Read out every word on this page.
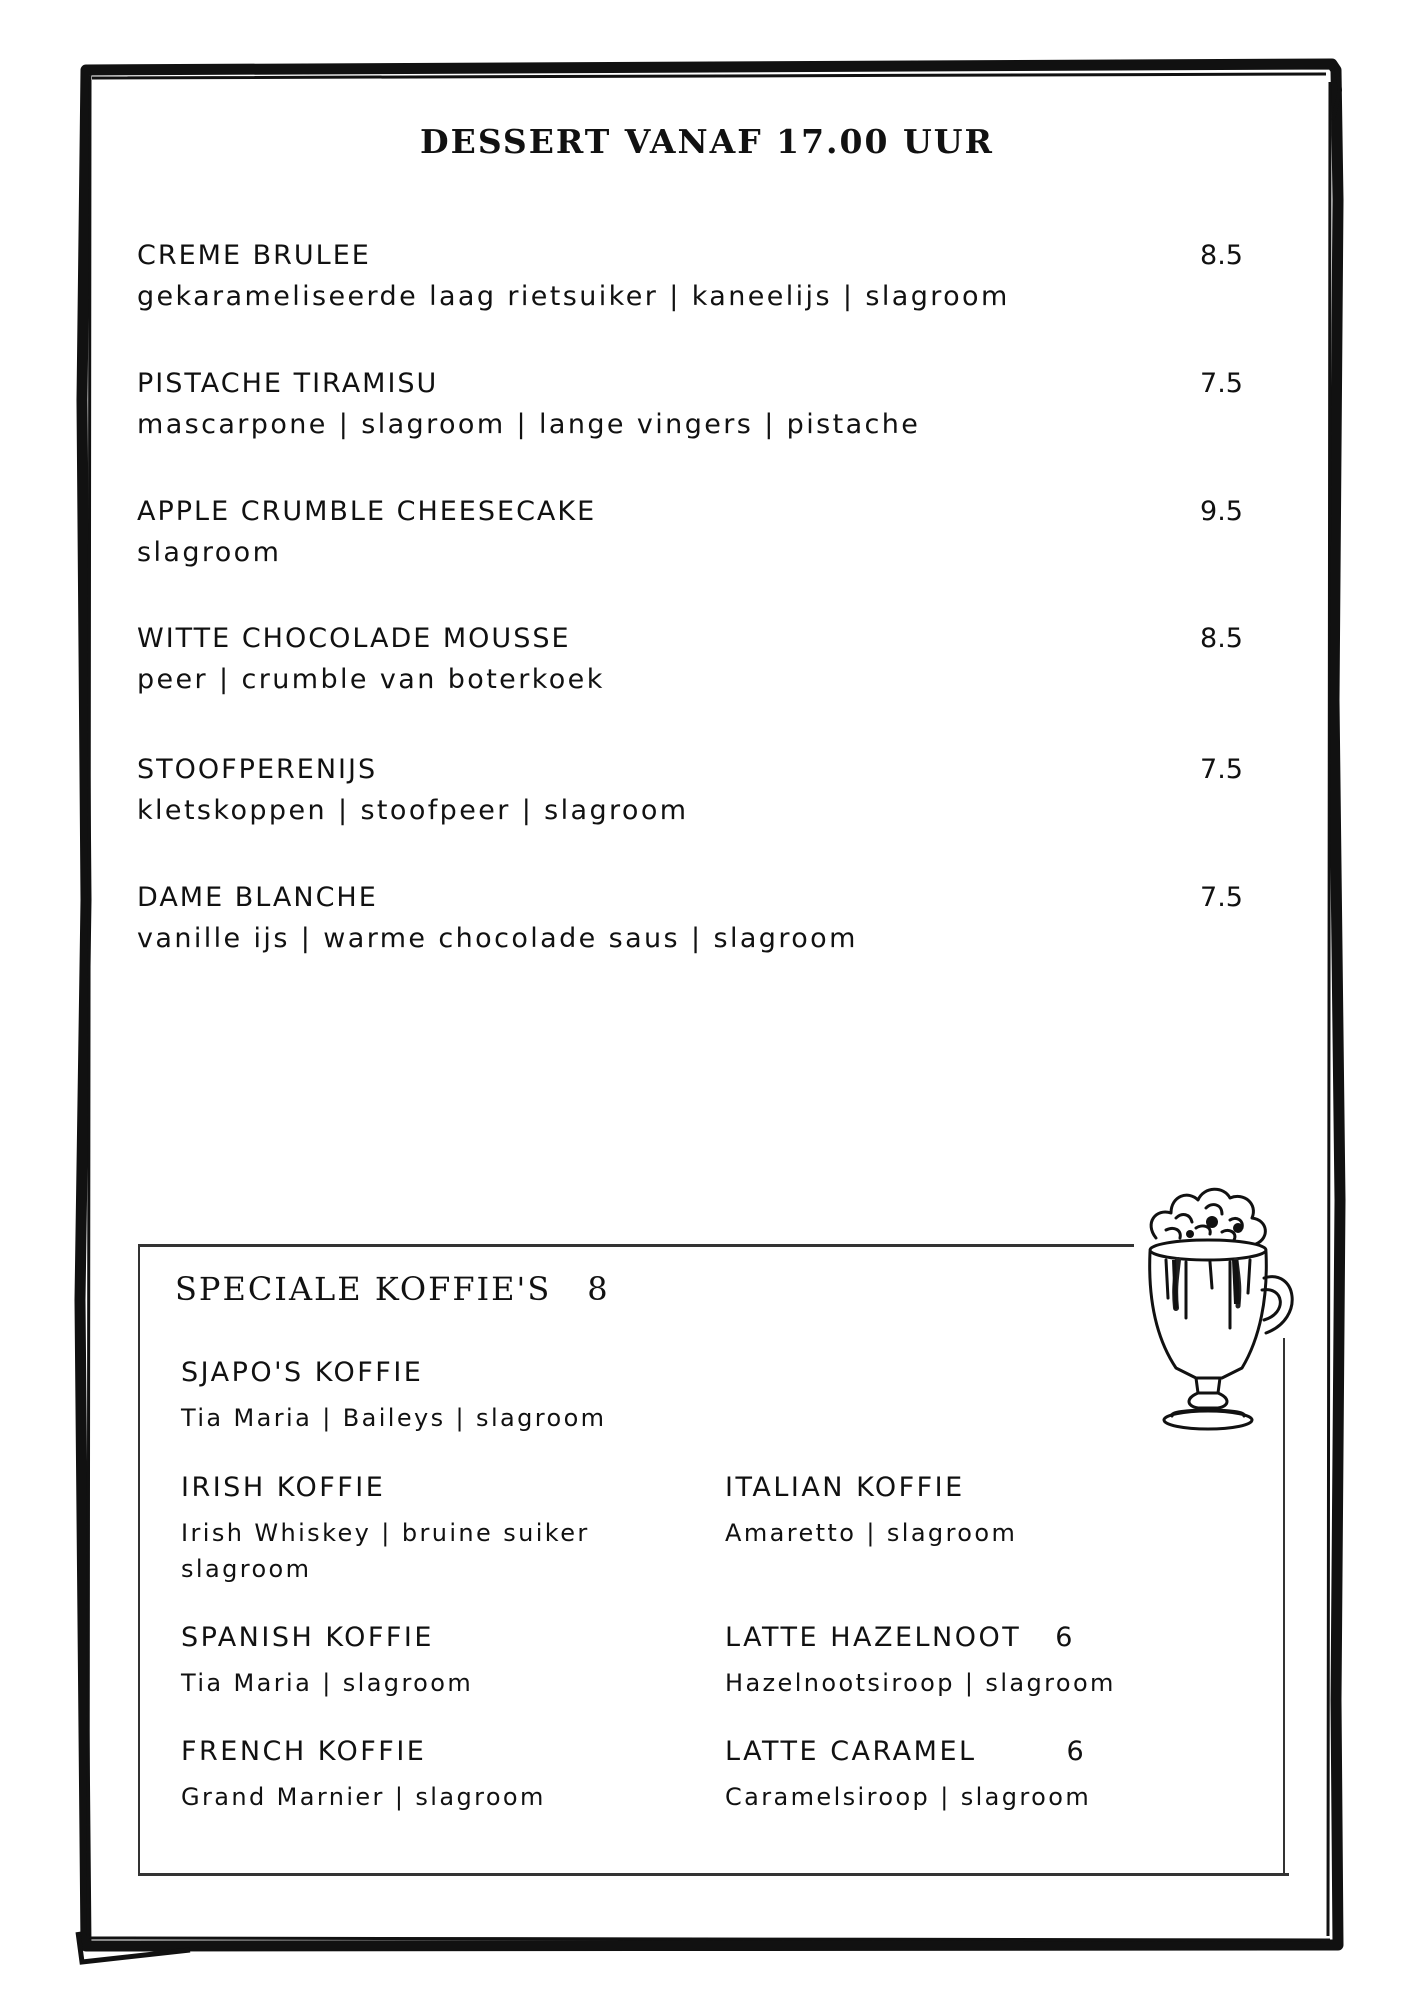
DESSERT VANAF 17.00 UUR
CREME BRULEE	8.5
gekarameliseerde laag rietsuiker | kaneelijs | slagroom
PISTACHE TIRAMISU	7.5
mascarpone | slagroom | lange vingers | pistache
APPLE CRUMBLE CHEESECAKE	9.5
slagroom
WITTE CHOCOLADE MOUSSE	8.5
peer | crumble van boterkoek
STOOFPERENIJS	7.5
kletskoppen | stoofpeer | slagroom
DAME BLANCHE	7.5
vanille ijs | warme chocolade saus | slagroom
SPECIALE KOFFIE'S 8
SJAPO'S KOFFIE
Tia Maria | Baileys | slagroom
IRISH KOFFIE
Irish Whiskey | bruine suiker slagroom
ITALIAN KOFFIE
Amaretto | slagroom
SPANISH KOFFIE
Tia Maria | slagroom
LATTE HAZELNOOT 6
Hazelnootsiroop | slagroom
FRENCH KOFFIE
Grand Marnier | slagroom
LATTE CARAMEL	6
Caramelsiroop | slagroom
